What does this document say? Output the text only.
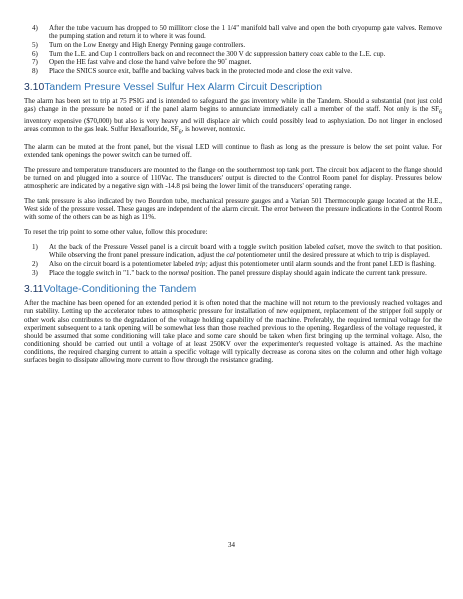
4) After the tube vacuum has dropped to 50 millitorr close the 1 1/4" manifold ball valve and open the both cryopump gate valves. Remove the pumping station and return it to where it was found.
5) Turn on the Low Energy and High Energy Penning gauge controllers.
6) Turn the L.E. and Cup 1 controllers back on and reconnect the 300 V dc suppression battery coax cable to the L.E. cup.
7) Open the HE fast valve and close the hand valve before the 90˚ magnet.
8) Place the SNICS source exit, baffle and backing valves back in the protected mode and close the exit valve.
3.10Tandem Presure Vessel Sulfur Hex Alarm Circuit Description

The alarm has been set to trip at 75 PSIG and is intended to safeguard the gas inventory while in the Tandem. Should a substantial (not just cold gas) change in the pressure be noted or if the panel alarm begins to annunciate immediately call a member of the staff. Not only is the $SF_6$ inventory expensive ($70,000) but also is very heavy and will displace air which could possibly lead to asphyxiation. Do not linger in enclosed areas common to the gas leak. Sulfur Hexaflouride, $SF_6$, is however, nontoxic.

The alarm can be muted at the front panel, but the visual LED will continue to flash as long as the pressure is below the set point value. For extended tank openings the power switch can be turned off.

The pressure and temperature transducers are mounted to the flange on the southernmost top tank port. The circuit box adjacent to the flange should be turned on and plugged into a source of 110Vac. The transducers' output is directed to the Control Room panel for display. Pressures below atmospheric are indicated by a negative sign with -14.8 psi being the lower limit of the transducers' operating range.

The tank pressure is also indicated by two Bourdon tube, mechanical pressure gauges and a Varian 501 Thermocouple gauge located at the H.E., West side of the pressure vessel. These gauges are independent of the alarm circuit. The error between the pressure indications in the Control Room with some of the others can be as high as 11%.

To reset the trip point to some other value, follow this procedure:

1) At the back of the Pressure Vessel panel is a circuit board with a toggle switch position labeled calset, move the switch to that position. While observing the front panel pressure indication, adjust the cal potentiometer until the desired pressure at which to trip is displayed.
2) Also on the circuit board is a potentiometer labeled trip; adjust this potentiometer until alarm sounds and the front panel LED is flashing.
3) Place the toggle switch in "1." back to the normal position. The panel pressure display should again indicate the current tank pressure.
3.11Voltage-Conditioning the Tandem

After the machine has been opened for an extended period it is often noted that the machine will not return to the previously reached voltages and run stability. Letting up the accelerator tubes to atmospheric pressure for installation of new equipment, replacement of the stripper foil supply or other work also contributes to the degradation of the voltage holding capability of the machine. Preferably, the required terminal voltage for the experiment subsequent to a tank opening will be somewhat less than those reached previous to the opening. Regardless of the voltage requested, it should be assumed that some conditioning will take place and some care should be taken when first bringing up the terminal voltage. Also, the conditioning should be carried out until a voltage of at least 250KV over the experimenter's requested voltage is attained. As the machine conditions, the required charging current to attain a specific voltage will typically decrease as corona sites on the column and other high voltage surfaces begin to dissipate allowing more current to flow through the resistance grading.

34
